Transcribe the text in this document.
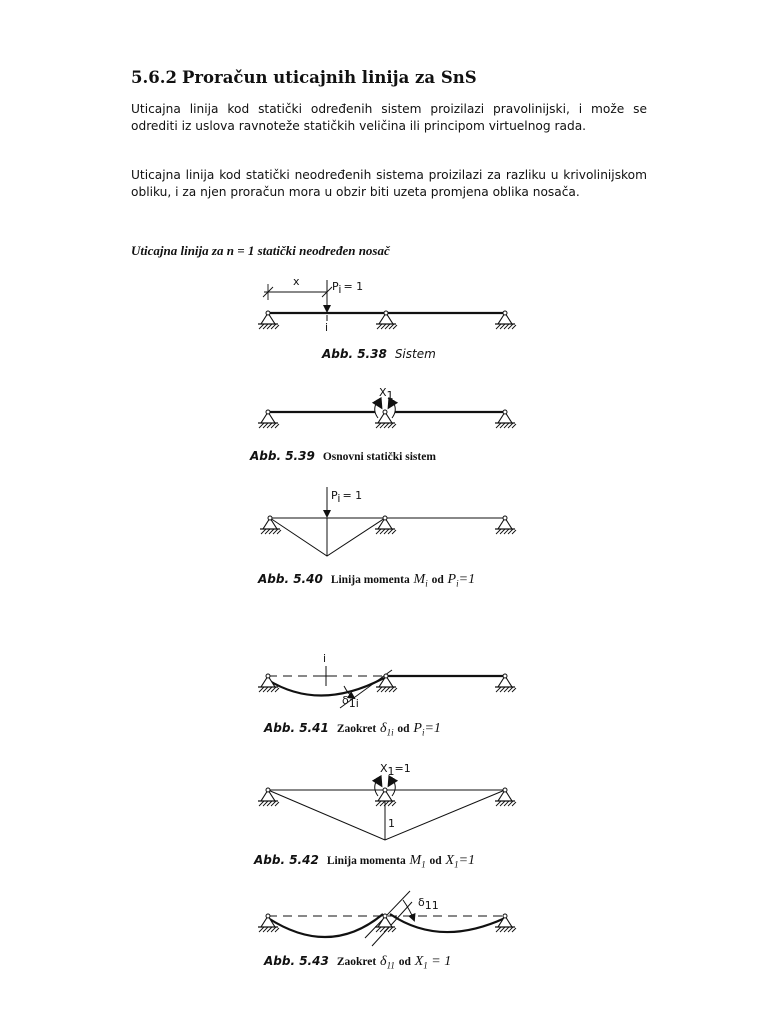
5.6.2 Proračun uticajnih linija za SnS

Uticajna linija kod statički određenih sistem proizilazi pravolinijski, i može se odrediti iz uslova ravnoteže statičkih veličina ili principom virtuelnog rada.

Uticajna linija kod statički neodređenih sistema proizilazi za razliku u krivolinijskom obliku, i za njen proračun mora u obzir biti uzeta promjena oblika nosača.

Uticajna linija za n = 1 statički neodređen nosač

x	Pi = 1
i
X1
Pi = 1
i
δ1i
X1=1
1
δ11

Abb. 5.38 Sistem

Abb. 5.39 Osnovni statički sistem

Abb. 5.40 Linija momenta $M_i$ od $P_i=1$

Abb. 5.41 Zaokret $\delta_{1i}$ od $P_i=1$

Abb. 5.42 Linija momenta $M_1$ od $X_1=1$

Abb. 5.43 Zaokret $\delta_{11}$ od $X_1 = 1$
